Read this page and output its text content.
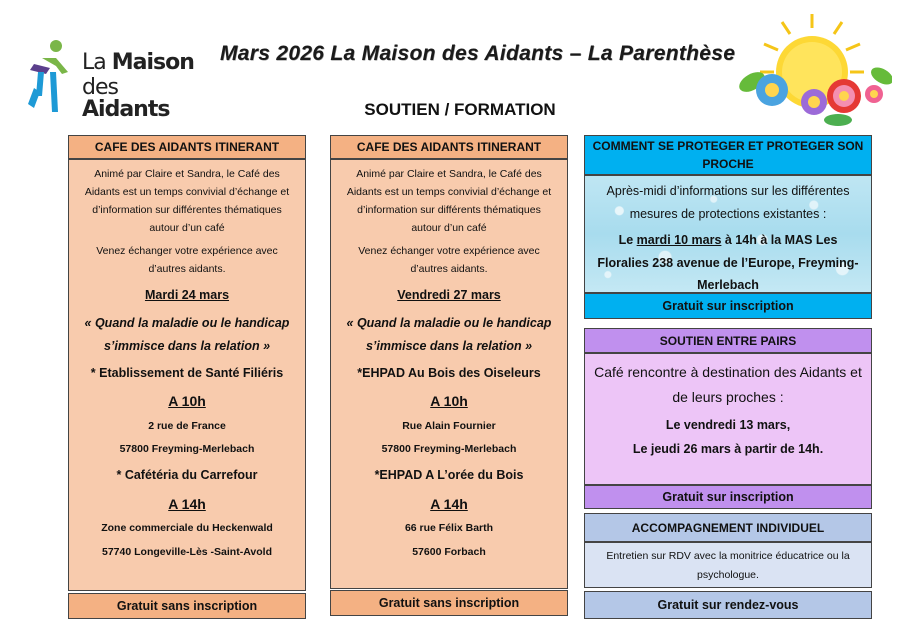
La Maison
des Aidants
Mars 2026 La Maison des Aidants – La Parenthèse
SOUTIEN / FORMATION
CAFE DES AIDANTS ITINERANT
Animé par Claire et Sandra, le Café des Aidants est un temps convivial d’échange et d’information sur différentes thématiques autour d’un café
Venez échanger votre expérience avec d’autres aidants.
Mardi 24 mars
« Quand la maladie ou le handicap s’immisce dans la relation »
* Etablissement de Santé Filiéris
A 10h
2 rue de France
57800 Freyming-Merlebach
* Cafétéria du Carrefour
A 14h
Zone commerciale du Heckenwald
57740 Longeville-Lès -Saint-Avold
Gratuit sans inscription
CAFE DES AIDANTS ITINERANT
Animé par Claire et Sandra, le Café des Aidants est un temps convivial d’échange et d’information sur différents thématiques autour d’un café
Venez échanger votre expérience avec d’autres aidants.
Vendredi 27 mars
« Quand la maladie ou le handicap s’immisce dans la relation »
*EHPAD Au Bois des Oiseleurs
A 10h
Rue Alain Fournier
57800 Freyming-Merlebach
*EHPAD A L’orée du Bois
A 14h
66 rue Félix Barth
57600 Forbach
Gratuit sans inscription
COMMENT SE PROTEGER ET PROTEGER SON PROCHE
Après-midi d’informations sur les différentes mesures de protections existantes :
Le mardi 10 mars à 14h à la MAS Les Floralies 238 avenue de l’Europe, Freyming-Merlebach
Gratuit sur inscription
SOUTIEN ENTRE PAIRS
Café rencontre à destination des Aidants et de leurs proches :
Le vendredi 13 mars,
Le jeudi 26 mars à partir de 14h.
Gratuit sur inscription
ACCOMPAGNEMENT INDIVIDUEL
Entretien sur RDV avec la monitrice éducatrice ou la psychologue.
Gratuit sur rendez-vous
